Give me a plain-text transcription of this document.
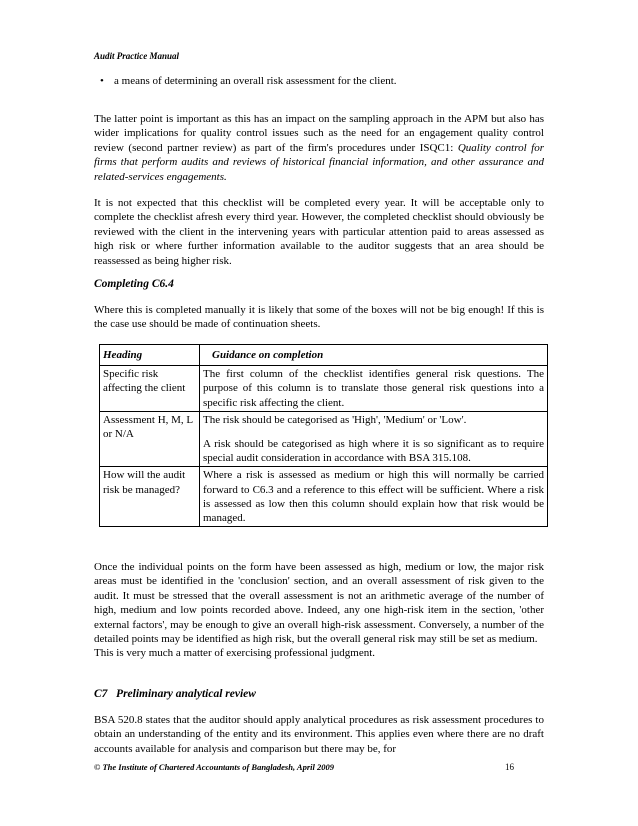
Audit Practice Manual
• a means of determining an overall risk assessment for the client.

The latter point is important as this has an impact on the sampling approach in the APM but also has wider implications for quality control issues such as the need for an engagement quality control review (second partner review) as part of the firm's procedures under ISQC1: Quality control for firms that perform audits and reviews of historical financial information, and other assurance and related-services engagements.

It is not expected that this checklist will be completed every year. It will be acceptable only to complete the checklist afresh every third year. However, the completed checklist should obviously be reviewed with the client in the intervening years with particular attention paid to areas assessed as high risk or where further information available to the auditor suggests that an area should be reassessed as being higher risk.

Completing C6.4

Where this is completed manually it is likely that some of the boxes will not be big enough! If this is the case use should be made of continuation sheets.

Heading	Guidance on completion
Specific risk affecting the client	The first column of the checklist identifies general risk questions. The purpose of this column is to translate those general risk questions into a specific risk affecting the client.
Assessment H, M, L or N/A	The risk should be categorised as 'High', 'Medium' or 'Low'.
A risk should be categorised as high where it is so significant as to require special audit consideration in accordance with BSA 315.108.
How will the audit risk be managed?	Where a risk is assessed as medium or high this will normally be carried forward to C6.3 and a reference to this effect will be sufficient. Where a risk is assessed as low then this column should explain how that risk would be managed.

Once the individual points on the form have been assessed as high, medium or low, the major risk areas must be identified in the 'conclusion' section, and an overall assessment of risk given to the audit. It must be stressed that the overall assessment is not an arithmetic average of the number of high, medium and low points recorded above. Indeed, any one high-risk item in the section, 'other external factors', may be enough to give an overall high-risk assessment. Conversely, a number of the detailed points may be identified as high risk, but the overall general risk may still be set as medium.

This is very much a matter of exercising professional judgment.

C7   Preliminary analytical review

BSA 520.8 states that the auditor should apply analytical procedures as risk assessment procedures to obtain an understanding of the entity and its environment. This applies even where there are no draft accounts available for analysis and comparison but there may be, for

© The Institute of Chartered Accountants of Bangladesh, April 2009	16
